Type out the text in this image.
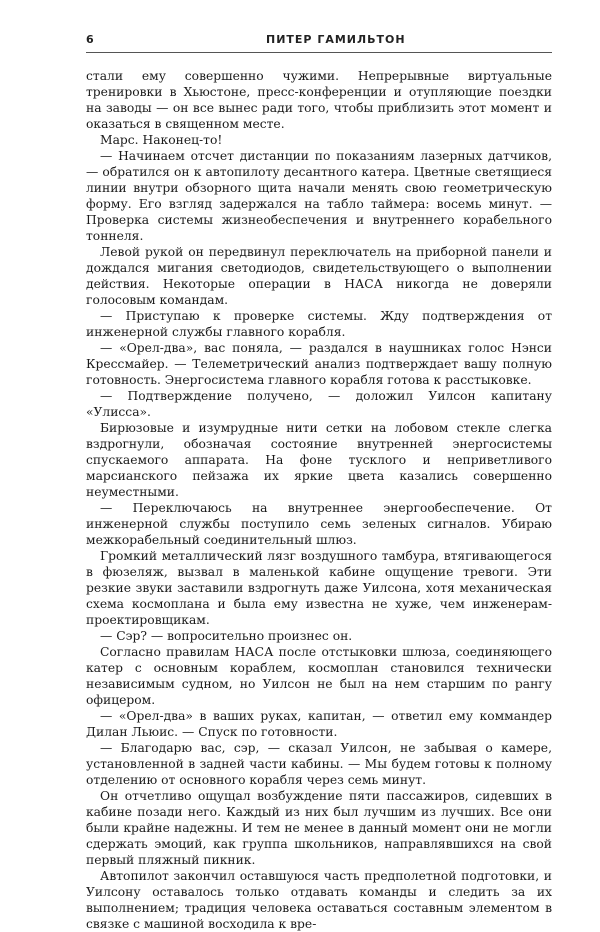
6	ПИТЕР ГАМИЛЬТОН

стали ему совершенно чужими. Непрерывные виртуальные тренировки в Хьюстоне, пресс-конференции и отупляющие поездки на заводы — он все вынес ради того, чтобы приблизить этот момент и оказаться в священном месте.

Марс. Наконец-то!

— Начинаем отсчет дистанции по показаниям лазерных датчиков, — обратился он к автопилоту десантного катера. Цветные светящиеся линии внутри обзорного щита начали менять свою геометрическую форму. Его взгляд задержался на табло таймера: восемь минут. — Проверка системы жизнеобеспечения и внутреннего корабельного тоннеля.

Левой рукой он передвинул переключатель на приборной панели и дождался мигания светодиодов, свидетельствующего о выполнении действия. Некоторые операции в НАСА никогда не доверяли голосовым командам.

— Приступаю к проверке системы. Жду подтверждения от инженерной службы главного корабля.

— «Орел-два», вас поняла, — раздался в наушниках голос Нэнси Крессмайер. — Телеметрический анализ подтверждает вашу полную готовность. Энергосистема главного корабля готова к расстыковке.

— Подтверждение получено, — доложил Уилсон капитану «Улисса».

Бирюзовые и изумрудные нити сетки на лобовом стекле слегка вздрогнули, обозначая состояние внутренней энергосистемы спускаемого аппарата. На фоне тусклого и неприветливого марсианского пейзажа их яркие цвета казались совершенно неуместными.

— Переключаюсь на внутреннее энергообеспечение. От инженерной службы поступило семь зеленых сигналов. Убираю межкорабельный соединительный шлюз.

Громкий металлический лязг воздушного тамбура, втягивающегося в фюзеляж, вызвал в маленькой кабине ощущение тревоги. Эти резкие звуки заставили вздрогнуть даже Уилсона, хотя механическая схема космоплана и была ему известна не хуже, чем инженерам-проектировщикам.

— Сэр? — вопросительно произнес он.

Согласно правилам НАСА после отстыковки шлюза, соединяющего катер с основным кораблем, космоплан становился технически независимым судном, но Уилсон не был на нем старшим по рангу офицером.

— «Орел-два» в ваших руках, капитан, — ответил ему коммандер Дилан Льюис. — Спуск по готовности.

— Благодарю вас, сэр, — сказал Уилсон, не забывая о камере, установленной в задней части кабины. — Мы будем готовы к полному отделению от основного корабля через семь минут.

Он отчетливо ощущал возбуждение пяти пассажиров, сидевших в кабине позади него. Каждый из них был лучшим из лучших. Все они были крайне надежны. И тем не менее в данный момент они не могли сдержать эмоций, как группа школьников, направлявшихся на свой первый пляжный пикник.

Автопилот закончил оставшуюся часть предполетной подготовки, и Уилсону оставалось только отдавать команды и следить за их выполнением; традиция человека оставаться составным элементом в связке с машиной восходила к вре-
